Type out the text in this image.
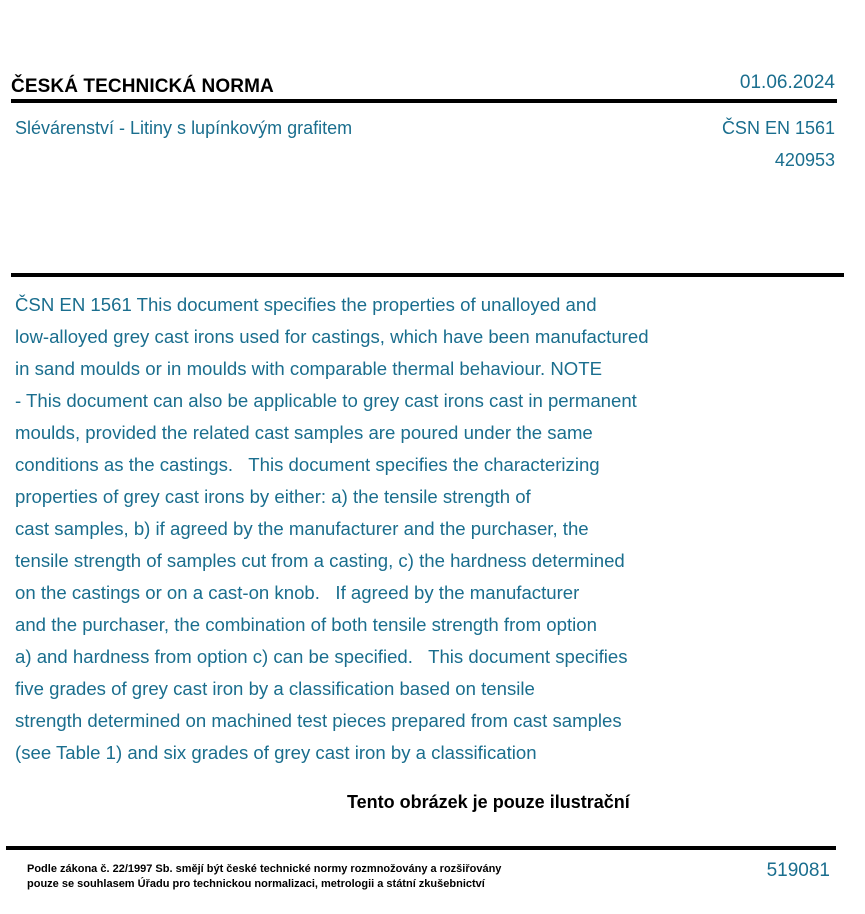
ČESKÁ TECHNICKÁ NORMA	01.06.2024
Slévárenství - Litiny s lupínkovým grafitem	ČSN EN 1561
420953

ČSN EN 1561 This document specifies the properties of unalloyed and
low-alloyed grey cast irons used for castings, which have been manufactured
in sand moulds or in moulds with comparable thermal behaviour. NOTE
- This document can also be applicable to grey cast irons cast in permanent
moulds, provided the related cast samples are poured under the same
conditions as the castings.   This document specifies the characterizing
properties of grey cast irons by either: a) the tensile strength of
cast samples, b) if agreed by the manufacturer and the purchaser, the
tensile strength of samples cut from a casting, c) the hardness determined
on the castings or on a cast-on knob.   If agreed by the manufacturer
and the purchaser, the combination of both tensile strength from option
a) and hardness from option c) can be specified.   This document specifies
five grades of grey cast iron by a classification based on tensile
strength determined on machined test pieces prepared from cast samples
(see Table 1) and six grades of grey cast iron by a classification

Tento obrázek je pouze ilustrační
Podle zákona č. 22/1997 Sb. smějí být české technické normy rozmnožovány a rozšiřovány
pouze se souhlasem Úřadu pro technickou normalizaci, metrologii a státní zkušebnictví
519081
